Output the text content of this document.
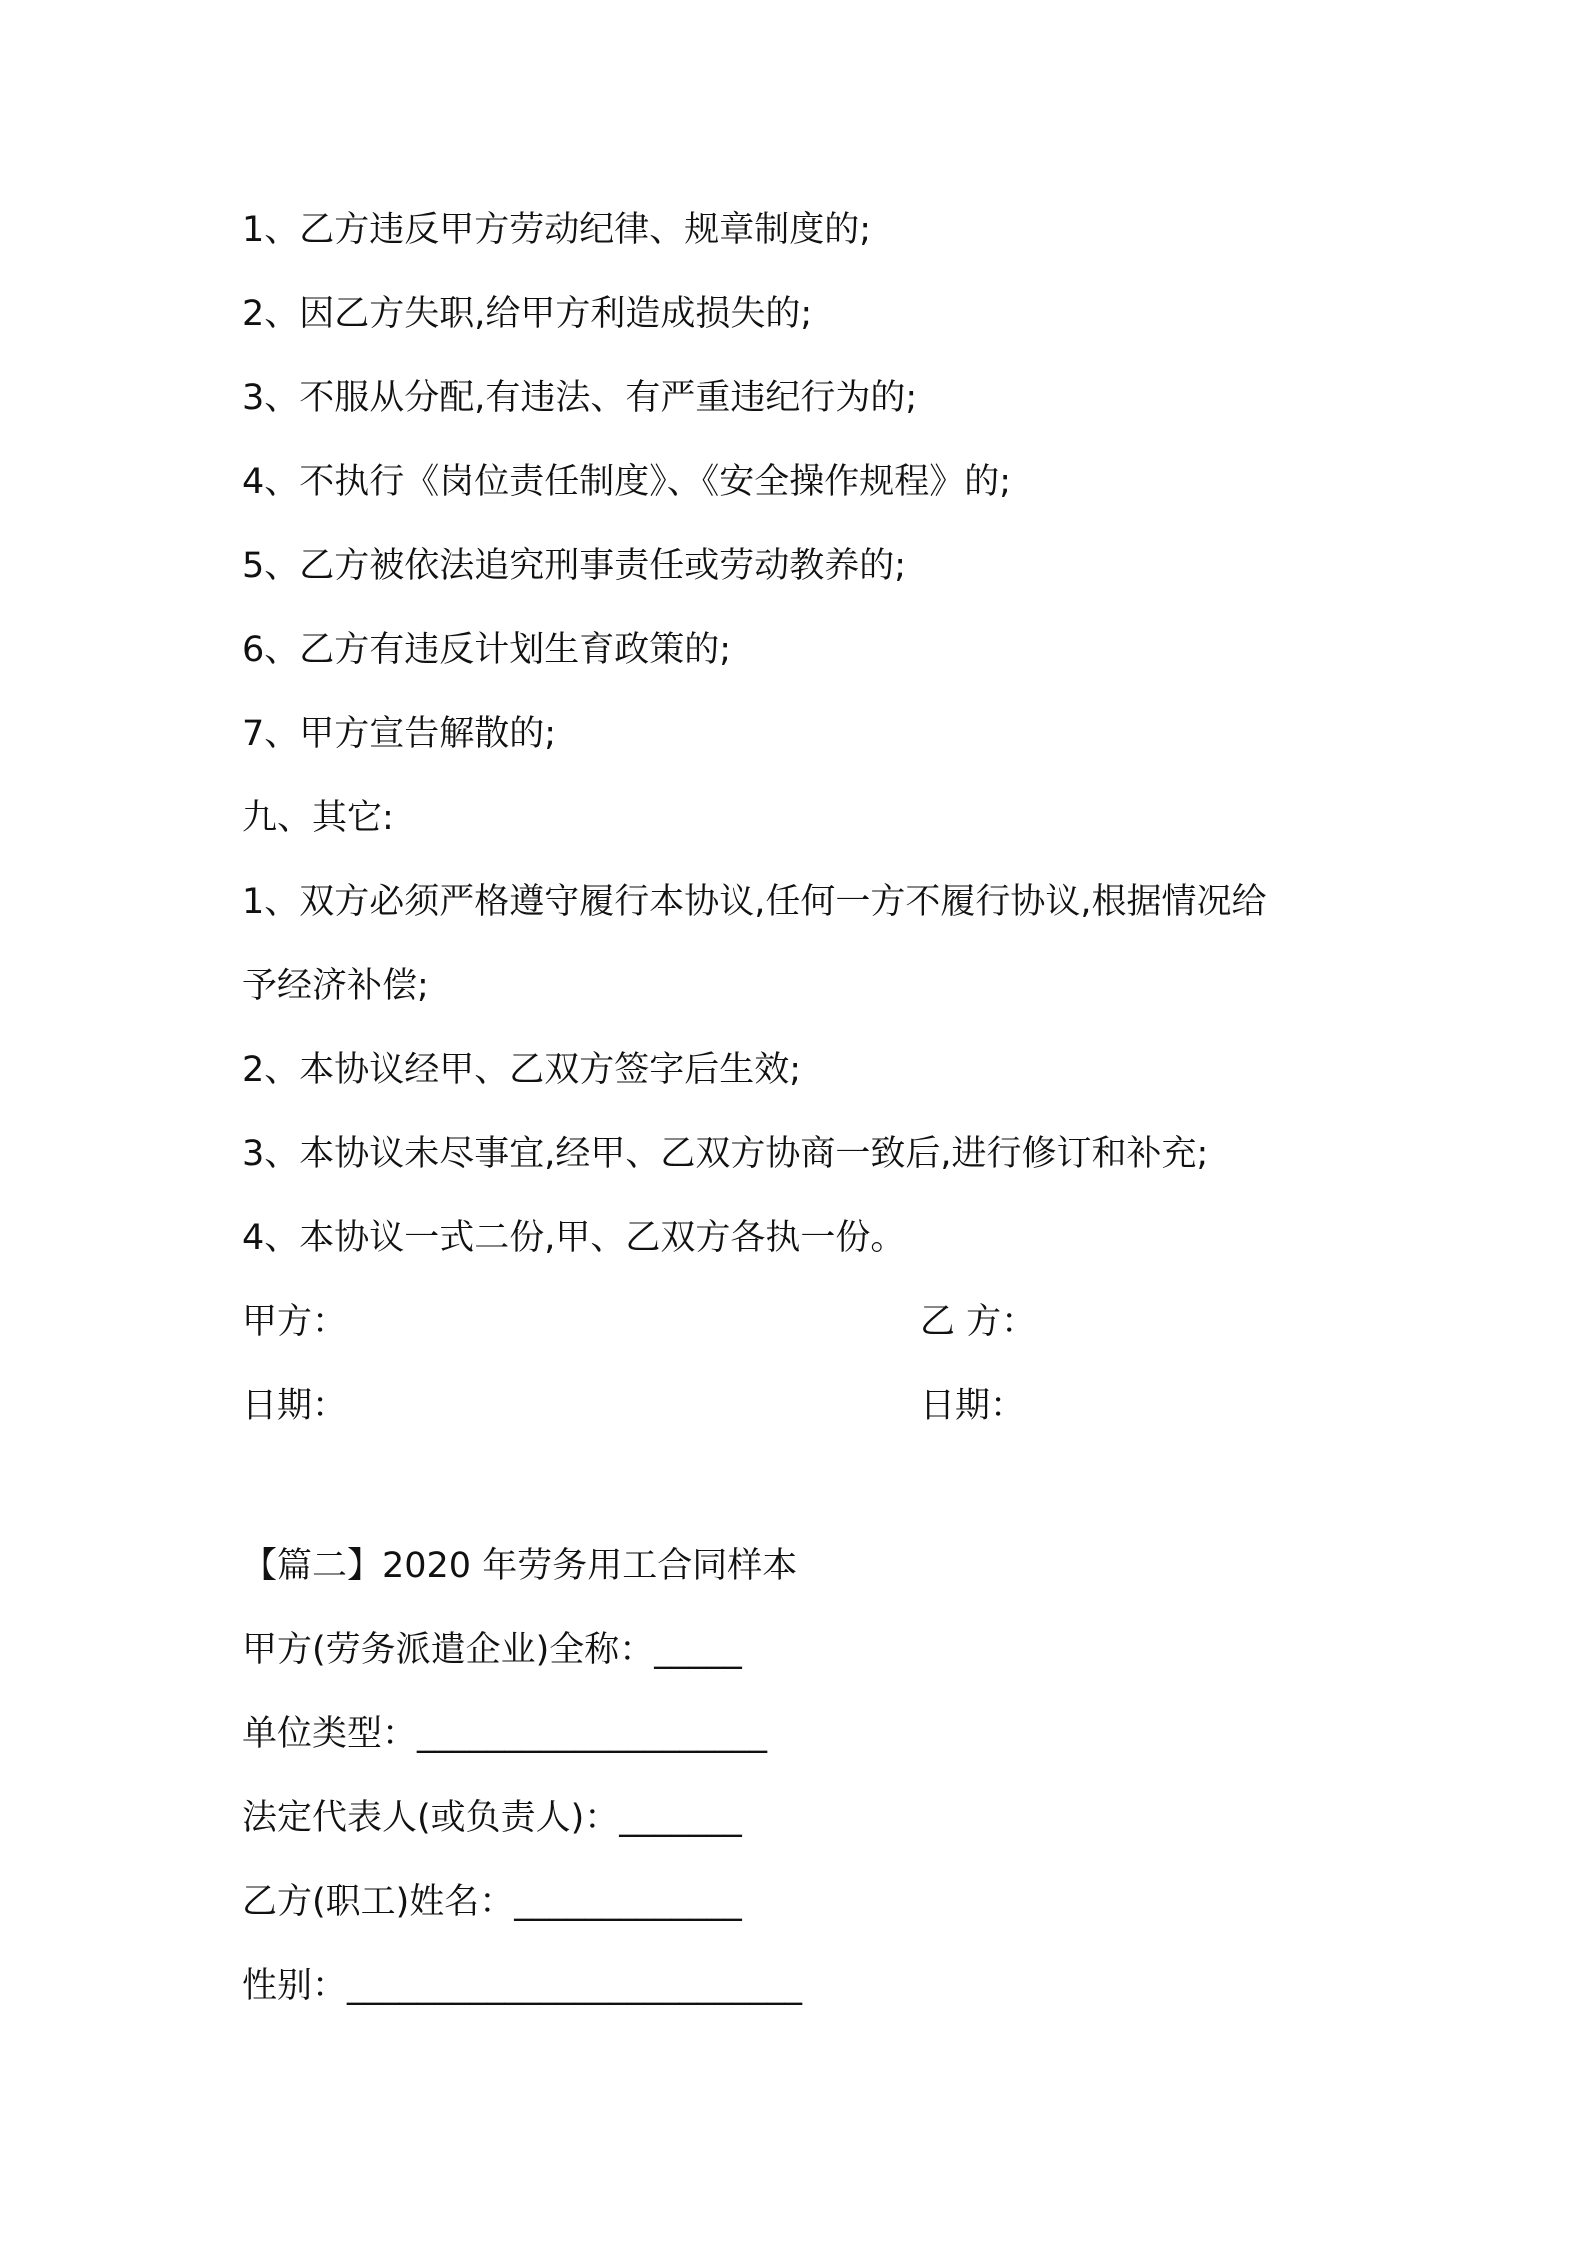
1、乙方违反甲方劳动纪律、规章制度的;
2、因乙方失职,给甲方利造成损失的;
3、不服从分配,有违法、有严重违纪行为的;
4、不执行《岗位责任制度》、《安全操作规程》的;
5、乙方被依法追究刑事责任或劳动教养的;
6、乙方有违反计划生育政策的;
7、甲方宣告解散的;
九、其它:
1、双方必须严格遵守履行本协议,任何一方不履行协议,根据情况给
予经济补偿;
2、本协议经甲、乙双方签字后生效;
3、本协议未尽事宜,经甲、乙双方协商一致后,进行修订和补充;
4、本协议一式二份,甲、乙双方各执一份。
甲方：	乙 方：
日期：	日期：
【篇二】2020 年劳务用工合同样本
甲方(劳务派遣企业)全称：_____
单位类型：____________________
法定代表人(或负责人)：_______
乙方(职工)姓名：_____________
性别：__________________________
